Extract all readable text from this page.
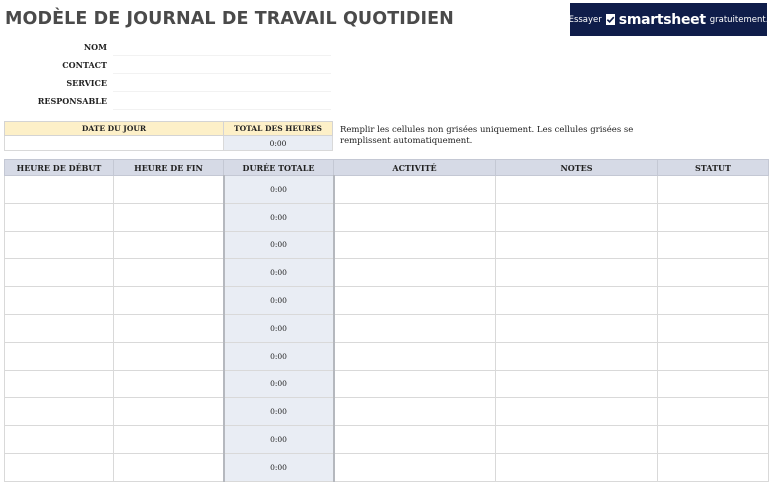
MODÈLE DE JOURNAL DE TRAVAIL QUOTIDIEN	Essayer smartsheet gratuitement.
NOM
CONTACT
SERVICE
RESPONSABLE
DATE DU JOUR	TOTAL DES HEURES
	0:00

Remplir les cellules non grisées uniquement. Les cellules grisées se remplissent automatiquement.

HEURE DE DÉBUT	HEURE DE FIN	DURÉE TOTALE	ACTIVITÉ	NOTES	STATUT
		0:00			
		0:00			
		0:00			
		0:00			
		0:00			
		0:00			
		0:00			
		0:00			
		0:00			
		0:00			
		0:00			
